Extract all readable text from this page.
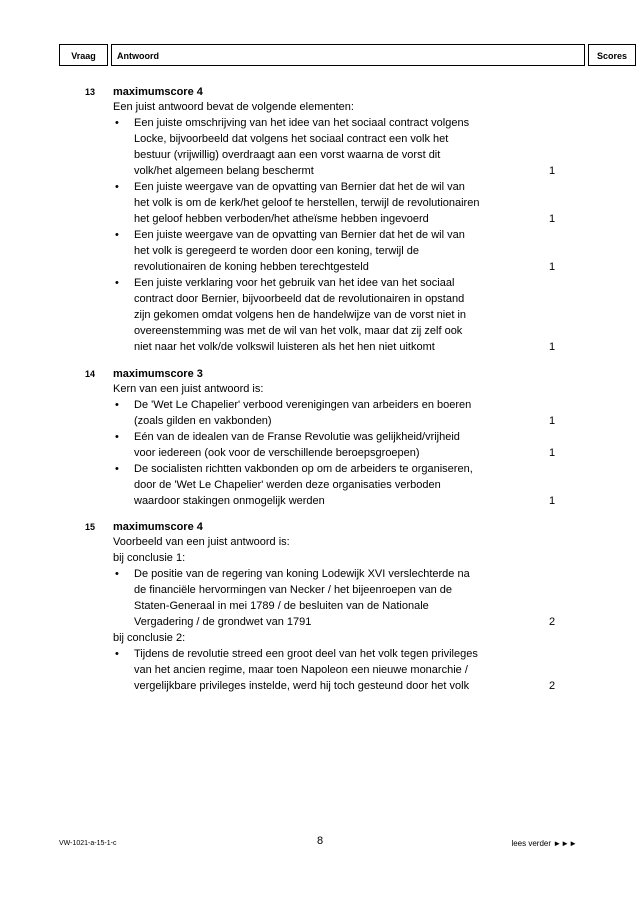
Vraag	Antwoord	Scores
13 maximumscore 4
Een juist antwoord bevat de volgende elementen:
• Een juiste omschrijving van het idee van het sociaal contract volgens
Locke, bijvoorbeeld dat volgens het sociaal contract een volk het
bestuur (vrijwillig) overdraagt aan een vorst waarna de vorst dit
volk/het algemeen belang beschermt	1
• Een juiste weergave van de opvatting van Bernier dat het de wil van
het volk is om de kerk/het geloof te herstellen, terwijl de revolutionairen
het geloof hebben verboden/het atheïsme hebben ingevoerd	1
• Een juiste weergave van de opvatting van Bernier dat het de wil van
het volk is geregeerd te worden door een koning, terwijl de
revolutionairen de koning hebben terechtgesteld	1
• Een juiste verklaring voor het gebruik van het idee van het sociaal
contract door Bernier, bijvoorbeeld dat de revolutionairen in opstand
zijn gekomen omdat volgens hen de handelwijze van de vorst niet in
overeenstemming was met de wil van het volk, maar dat zij zelf ook
niet naar het volk/de volkswil luisteren als het hen niet uitkomt	1
14 maximumscore 3
Kern van een juist antwoord is:
• De 'Wet Le Chapelier' verbood verenigingen van arbeiders en boeren
(zoals gilden en vakbonden)	1
• Eén van de idealen van de Franse Revolutie was gelijkheid/vrijheid
voor iedereen (ook voor de verschillende beroepsgroepen)	1
• De socialisten richtten vakbonden op om de arbeiders te organiseren,
door de 'Wet Le Chapelier' werden deze organisaties verboden
waardoor stakingen onmogelijk werden	1
15 maximumscore 4
Voorbeeld van een juist antwoord is:
bij conclusie 1:
• De positie van de regering van koning Lodewijk XVI verslechterde na
de financiële hervormingen van Necker / het bijeenroepen van de
Staten-Generaal in mei 1789 / de besluiten van de Nationale
Vergadering / de grondwet van 1791	2
bij conclusie 2:
• Tijdens de revolutie streed een groot deel van het volk tegen privileges
van het ancien regime, maar toen Napoleon een nieuwe monarchie /
vergelijkbare privileges instelde, werd hij toch gesteund door het volk	2
VW-1021-a-15-1-c	8	lees verder ►►►
